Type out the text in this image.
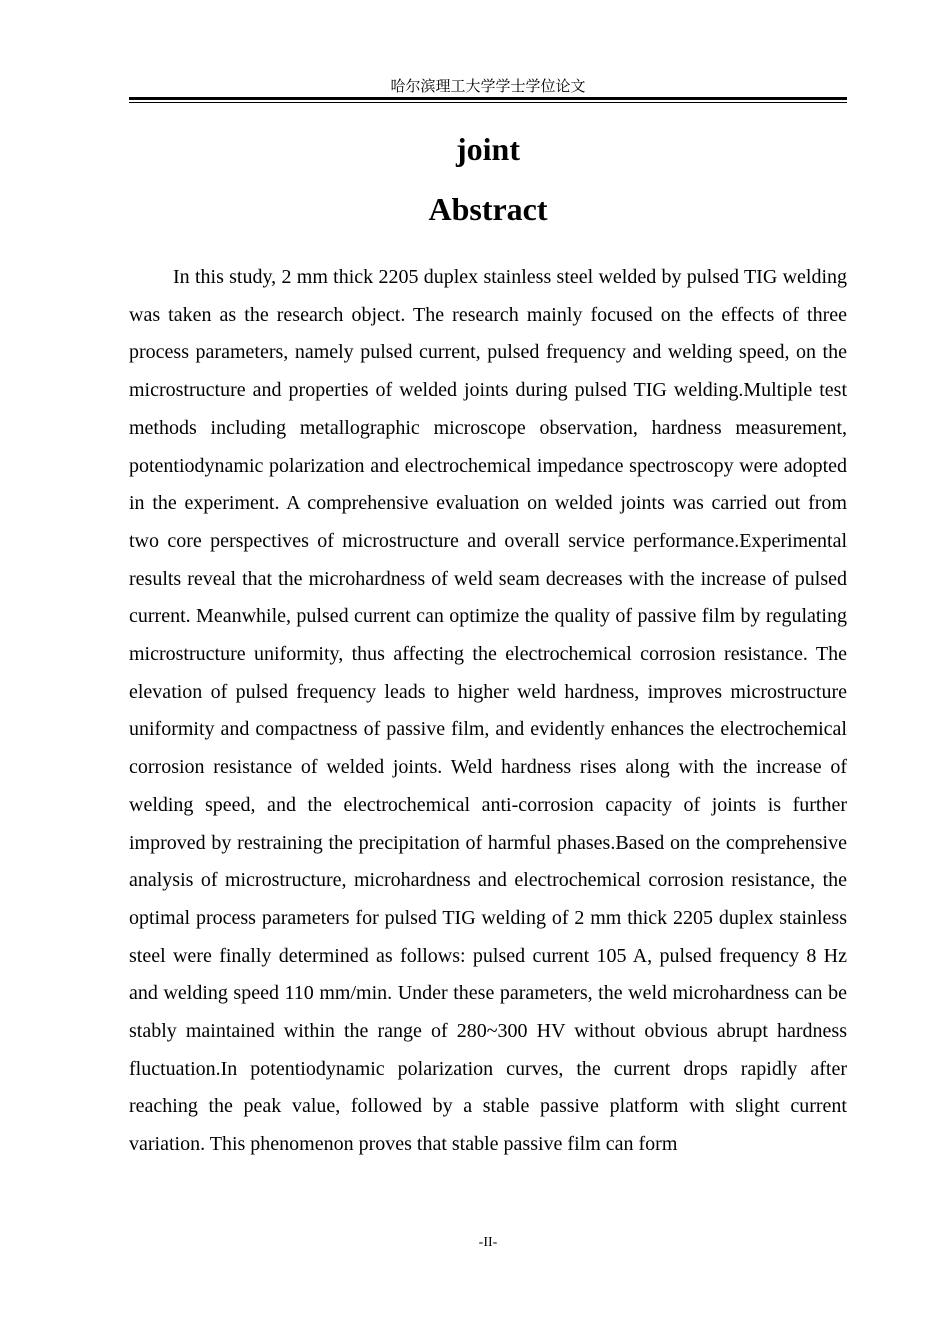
哈尔滨理工大学学士学位论文
joint
Abstract

In this study, 2 mm thick 2205 duplex stainless steel welded by pulsed TIG welding was taken as the research object. The research mainly focused on the effects of three process parameters, namely pulsed current, pulsed frequency and welding speed, on the microstructure and properties of welded joints during pulsed TIG welding.Multiple test methods including metallographic microscope observation, hardness measurement, potentiodynamic polarization and electrochemical impedance spectroscopy were adopted in the experiment. A comprehensive evaluation on welded joints was carried out from two core perspectives of microstructure and overall service performance.Experimental results reveal that the microhardness of weld seam decreases with the increase of pulsed current. Meanwhile, pulsed current can optimize the quality of passive film by regulating microstructure uniformity, thus affecting the electrochemical corrosion resistance. The elevation of pulsed frequency leads to higher weld hardness, improves microstructure uniformity and compactness of passive film, and evidently enhances the electrochemical corrosion resistance of welded joints. Weld hardness rises along with the increase of welding speed, and the electrochemical anti-corrosion capacity of joints is further improved by restraining the precipitation of harmful phases.Based on the comprehensive analysis of microstructure, microhardness and electrochemical corrosion resistance, the optimal process parameters for pulsed TIG welding of 2 mm thick 2205 duplex stainless steel were finally determined as follows: pulsed current 105 A, pulsed frequency 8 Hz and welding speed 110 mm/min. Under these parameters, the weld microhardness can be stably maintained within the range of 280~300 HV without obvious abrupt hardness fluctuation.In potentiodynamic polarization curves, the current drops rapidly after reaching the peak value, followed by a stable passive platform with slight current variation. This phenomenon proves that stable passive film can form

-II-
